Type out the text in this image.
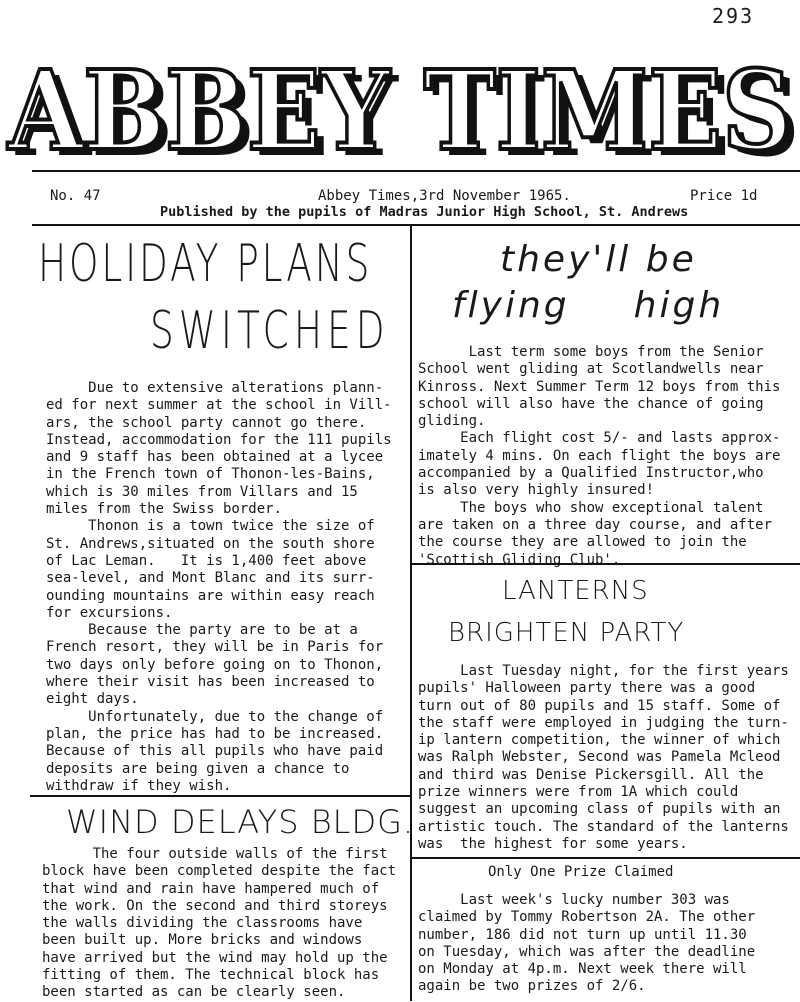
293
ABBEY TIMES
ABBEY TIMES
No. 47	Abbey Times,3rd November 1965.	Price 1d
Published by the pupils of Madras Junior High School, St. Andrews
HOLIDAY PLANS
SWITCHED
Due to extensive alterations plann-
ed for next summer at the school in Vill-
ars, the school party cannot go there.
Instead, accommodation for the 111 pupils
and 9 staff has been obtained at a lycee
in the French town of Thonon-les-Bains,
which is 30 miles from Villars and 15
miles from the Swiss border.
Thonon is a town twice the size of
St. Andrews,situated on the south shore
of Lac Leman.   It is 1,400 feet above
sea-level, and Mont Blanc and its surr-
ounding mountains are within easy reach
for excursions.
Because the party are to be at a
French resort, they will be in Paris for
two days only before going on to Thonon,
where their visit has been increased to
eight days.
Unfortunately, due to the change of
plan, the price has had to be increased.
Because of this all pupils who have paid
deposits are being given a chance to
withdraw if they wish.
they'll be
flying high
Last term some boys from the Senior
School went gliding at Scotlandwells near
Kinross. Next Summer Term 12 boys from this
school will also have the chance of going
gliding.
Each flight cost 5/- and lasts approx-
imately 4 mins. On each flight the boys are
accompanied by a Qualified Instructor,who
is also very highly insured!
The boys who show exceptional talent
are taken on a three day course, and after
the course they are allowed to join the
'Scottish Gliding Club'.
LANTERNS
BRIGHTEN PARTY
Last Tuesday night, for the first years
pupils' Halloween party there was a good
turn out of 80 pupils and 15 staff. Some of
the staff were employed in judging the turn-
ip lantern competition, the winner of which
was Ralph Webster, Second was Pamela Mcleod
and third was Denise Pickersgill. All the
prize winners were from 1A which could
suggest an upcoming class of pupils with an
artistic touch. The standard of the lanterns
was  the highest for some years.
WIND DELAYS BLDG.
The four outside walls of the first
block have been completed despite the fact
that wind and rain have hampered much of
the work. On the second and third storeys
the walls dividing the classrooms have
been built up. More bricks and windows
have arrived but the wind may hold up the
fitting of them. The technical block has
been started as can be clearly seen.
Only One Prize Claimed
Last week's lucky number 303 was
claimed by Tommy Robertson 2A. The other
number, 186 did not turn up until 11.30
on Tuesday, which was after the deadline
on Monday at 4p.m. Next week there will
again be two prizes of 2/6.
